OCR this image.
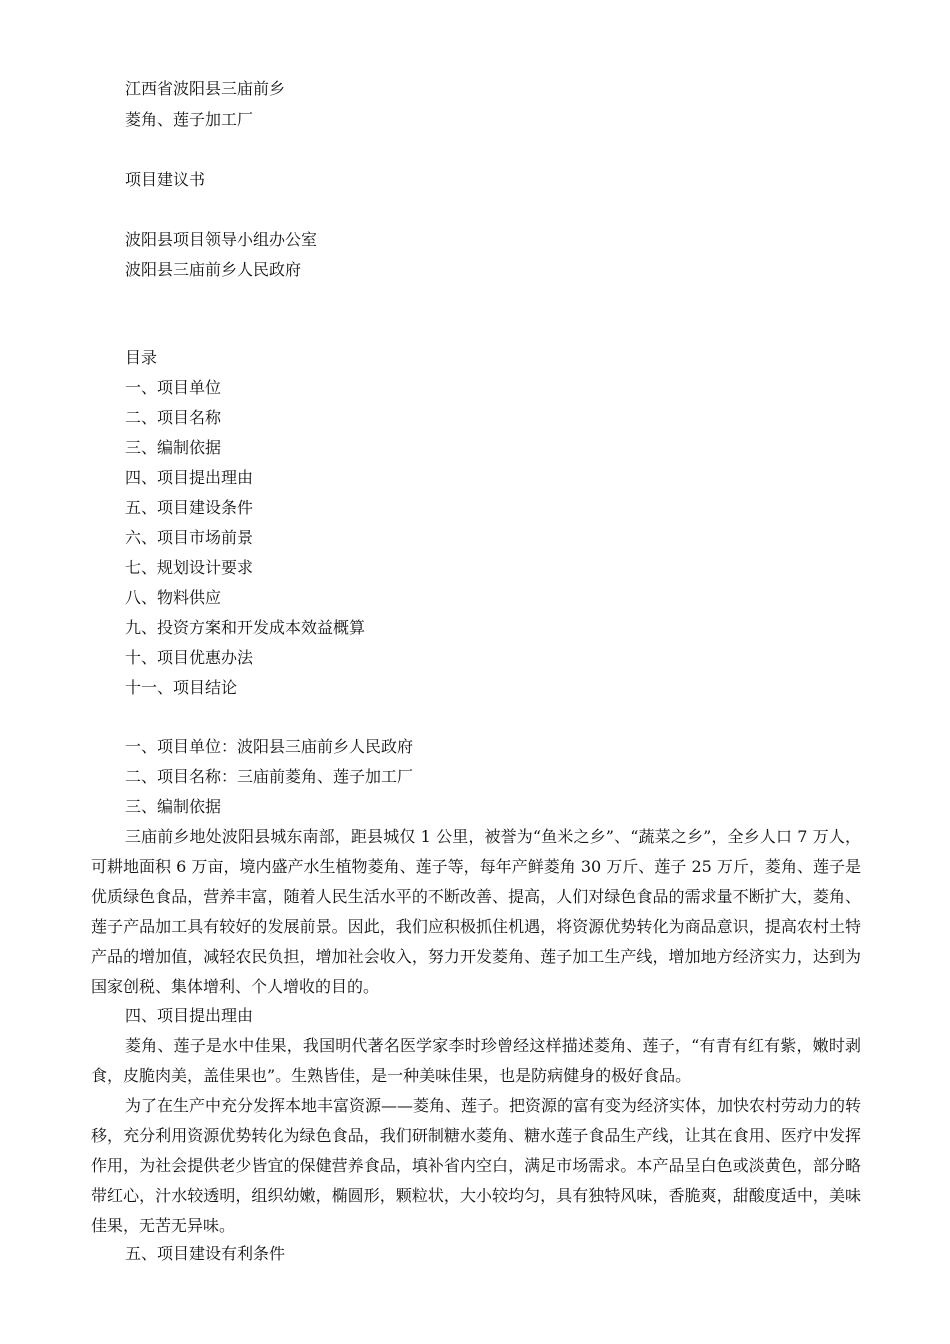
江西省波阳县三庙前乡
菱角、莲子加工厂
项目建议书
波阳县项目领导小组办公室
波阳县三庙前乡人民政府
目录
一、项目单位
二、项目名称
三、编制依据
四、项目提出理由
五、项目建设条件
六、项目市场前景
七、规划设计要求
八、物料供应
九、投资方案和开发成本效益概算
十、项目优惠办法
十一、项目结论
一、项目单位：波阳县三庙前乡人民政府
二、项目名称：三庙前菱角、莲子加工厂
三、编制依据

三庙前乡地处波阳县城东南部，距县城仅 1 公里，被誉为“鱼米之乡”、“蔬菜之乡”，全乡人口 7 万人，可耕地面积 6 万亩，境内盛产水生植物菱角、莲子等，每年产鲜菱角 30 万斤、莲子 25 万斤，菱角、莲子是优质绿色食品，营养丰富，随着人民生活水平的不断改善、提高，人们对绿色食品的需求量不断扩大，菱角、莲子产品加工具有较好的发展前景。因此，我们应积极抓住机遇，将资源优势转化为商品意识，提高农村土特产品的增加值，减轻农民负担，增加社会收入，努力开发菱角、莲子加工生产线，增加地方经济实力，达到为国家创税、集体增利、个人增收的目的。

四、项目提出理由

菱角、莲子是水中佳果，我国明代著名医学家李时珍曾经这样描述菱角、莲子，“有青有红有紫，嫩时剥食，皮脆肉美，盖佳果也”。生熟皆佳，是一种美味佳果，也是防病健身的极好食品。

为了在生产中充分发挥本地丰富资源——菱角、莲子。把资源的富有变为经济实体，加快农村劳动力的转移，充分利用资源优势转化为绿色食品，我们研制糖水菱角、糖水莲子食品生产线，让其在食用、医疗中发挥作用，为社会提供老少皆宜的保健营养食品，填补省内空白，满足市场需求。本产品呈白色或淡黄色，部分略带红心，汁水较透明，组织幼嫩，椭圆形，颗粒状，大小较均匀，具有独特风味，香脆爽，甜酸度适中，美味佳果，无苦无异味。

五、项目建设有利条件
